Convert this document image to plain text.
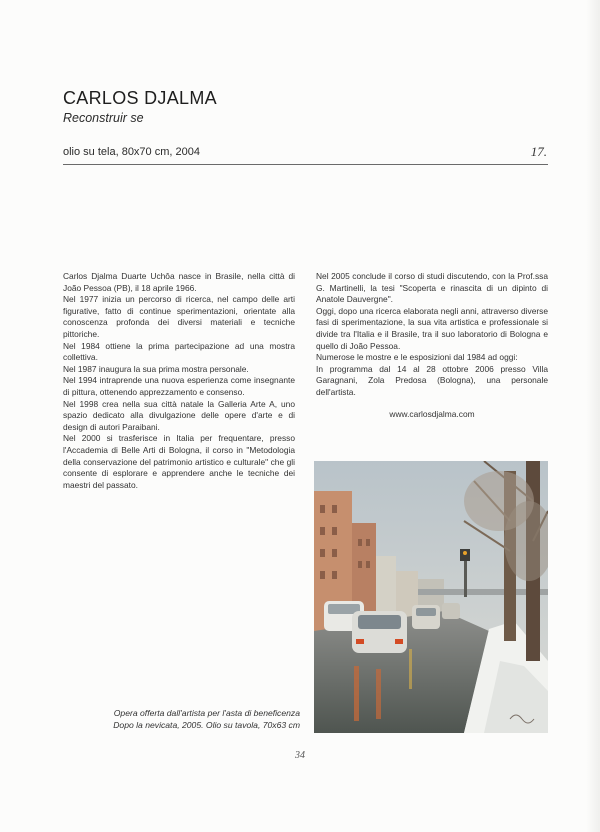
CARLOS DJALMA
Reconstruir se
olio su tela, 80x70 cm, 2004	17.

Carlos Djalma Duarte Uchôa nasce in Brasile, nella città di João Pessoa (PB), il 18 aprile 1966.

Nel 1977 inizia un percorso di ricerca, nel campo delle arti figurative, fatto di continue sperimentazioni, orientate alla conoscenza profonda dei diversi materiali e tecniche pittoriche.

Nel 1984 ottiene la prima partecipazione ad una mostra collettiva.

Nel 1987 inaugura la sua prima mostra personale.

Nel 1994 intraprende una nuova esperienza come insegnante di pittura, ottenendo apprezzamento e consenso.

Nel 1998 crea nella sua città natale la Galleria Arte A, uno spazio dedicato alla divulgazione delle opere d'arte e di design di autori Paraibani.

Nel 2000 si trasferisce in Italia per frequentare, presso l'Accademia di Belle Arti di Bologna, il corso in "Metodologia della conservazione del patrimonio artistico e culturale" che gli consente di esplorare e apprendere anche le tecniche dei maestri del passato.

Nel 2005 conclude il corso di studi discutendo, con la Prof.ssa G. Martinelli, la tesi "Scoperta e rinascita di un dipinto di Anatole Dauvergne".

Oggi, dopo una ricerca elaborata negli anni, attraverso diverse fasi di sperimentazione, la sua vita artistica e professionale si divide tra l'Italia e il Brasile, tra il suo laboratorio di Bologna e quello di João Pessoa.

Numerose le mostre e le esposizioni dal 1984 ad oggi:

In programma dal 14 al 28 ottobre 2006 presso Villa Garagnani, Zola Predosa (Bologna), una personale dell'artista.

www.carlosdjalma.com

Opera offerta dall'artista per l'asta di beneficenza
Dopo la nevicata, 2005. Olio su tavola, 70x63 cm
34
